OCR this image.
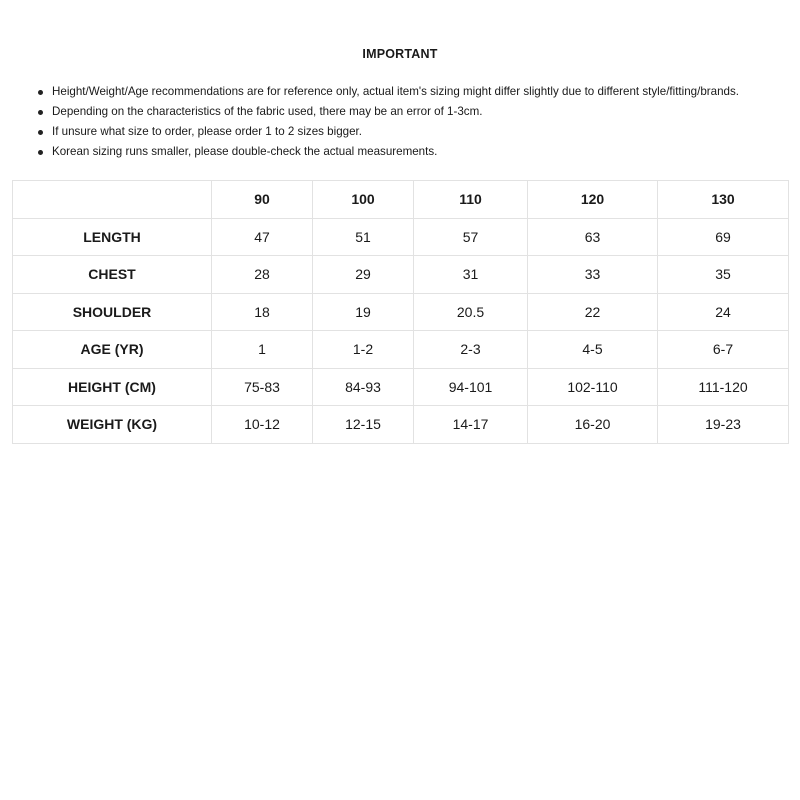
IMPORTANT
Height/Weight/Age recommendations are for reference only, actual item's sizing might differ slightly due to different style/fitting/brands.
Depending on the characteristics of the fabric used, there may be an error of 1-3cm.
If unsure what size to order, please order 1 to 2 sizes bigger.
Korean sizing runs smaller, please double-check the actual measurements.
	90	100	110	120	130
LENGTH	47	51	57	63	69
CHEST	28	29	31	33	35
SHOULDER	18	19	20.5	22	24
AGE (YR)	1	1-2	2-3	4-5	6-7
HEIGHT (CM)	75-83	84-93	94-101	102-110	111-120
WEIGHT (KG)	10-12	12-15	14-17	16-20	19-23
